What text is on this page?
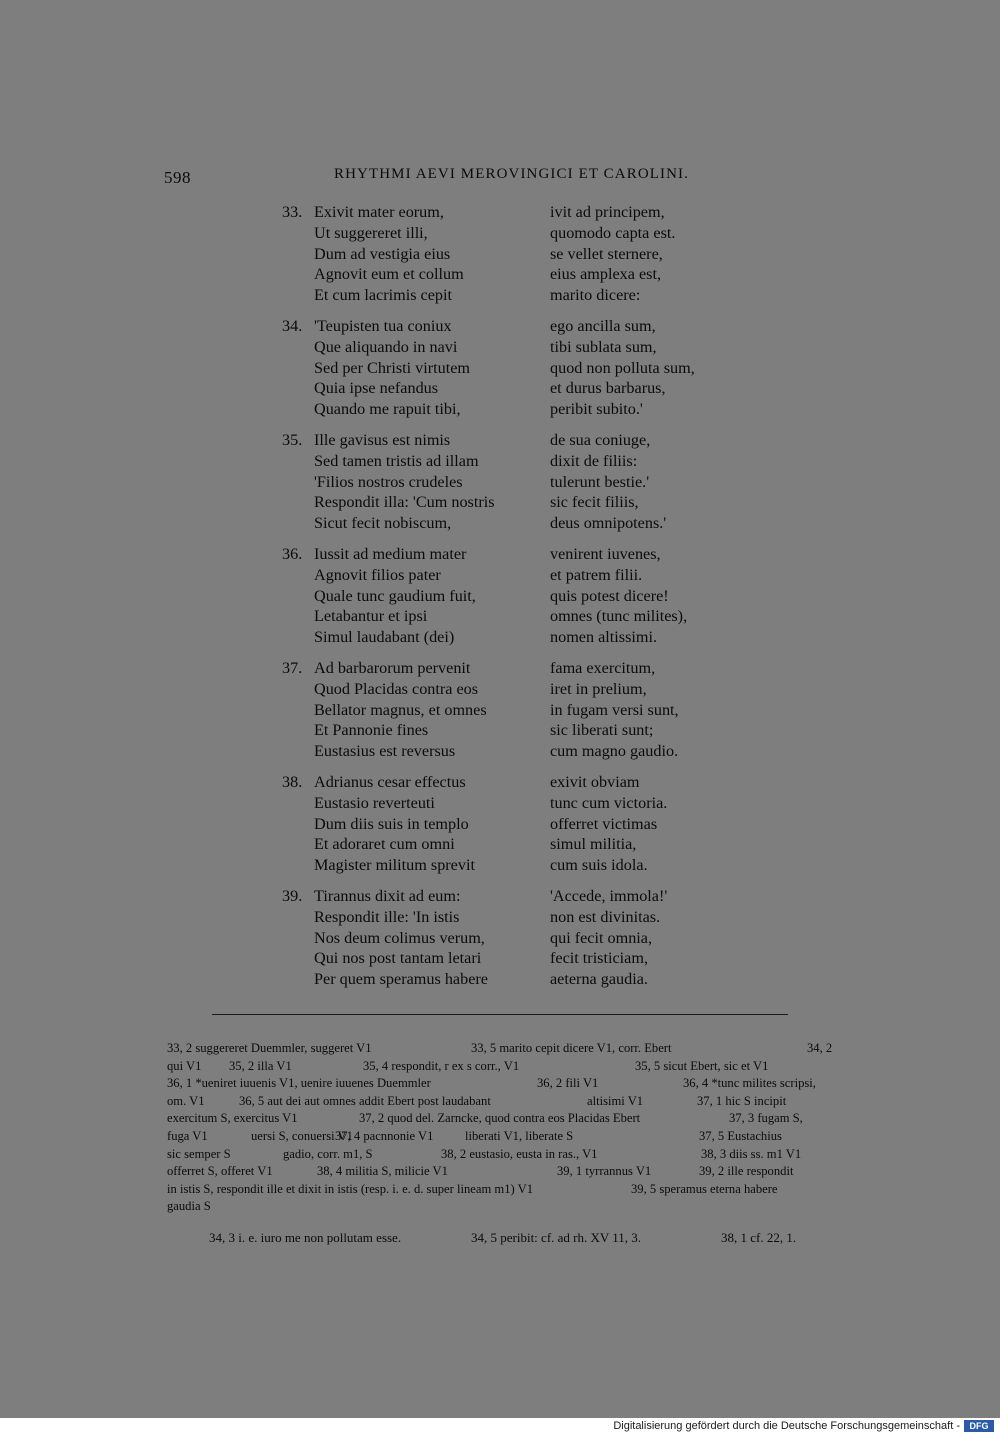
598	RHYTHMI AEVI MEROVINGICI ET CAROLINI.
33. Exivit mater eorum,	ivit ad principem,
Ut suggereret illi,	quomodo capta est.
Dum ad vestigia eius	se vellet sternere,
Agnovit eum et collum	eius amplexa est,
Et cum lacrimis cepit	marito dicere:
34. 'Teupisten tua coniux	ego ancilla sum,
Que aliquando in navi	tibi sublata sum,
Sed per Christi virtutem	quod non polluta sum,
Quia ipse nefandus	et durus barbarus,
Quando me rapuit tibi,	peribit subito.'
35. Ille gavisus est nimis	de sua coniuge,
Sed tamen tristis ad illam	dixit de filiis:
'Filios nostros crudeles	tulerunt bestie.'
Respondit illa: 'Cum nostris	sic fecit filiis,
Sicut fecit nobiscum,	deus omnipotens.'
36. Iussit ad medium mater	venirent iuvenes,
Agnovit filios pater	et patrem filii.
Quale tunc gaudium fuit,	quis potest dicere!
Letabantur et ipsi	omnes (tunc milites),
Simul laudabant (dei)	nomen altissimi.
37. Ad barbarorum pervenit	fama exercitum,
Quod Placidas contra eos	iret in prelium,
Bellator magnus, et omnes	in fugam versi sunt,
Et Pannonie fines	sic liberati sunt;
Eustasius est reversus	cum magno gaudio.
38. Adrianus cesar effectus	exivit obviam
Eustasio reverteuti	tunc cum victoria.
Dum diis suis in templo	offerret victimas
Et adoraret cum omni	simul militia,
Magister militum sprevit	cum suis idola.
39. Tirannus dixit ad eum:	'Accede, immola!'
Respondit ille: 'In istis	non est divinitas.
Nos deum colimus verum,	qui fecit omnia,
Qui nos post tantam letari	fecit tristiciam,
Per quem speramus habere	aeterna gaudia.
33, 2 suggereret Duemmler, suggeret V1	33, 5 marito cepit dicere V1, corr. Ebert	34, 2
qui V1 35, 2 illa V1	35, 4 respondit, r ex s corr., V1	35, 5 sicut Ebert, sic et V1
36, 1 *ueniret iuuenis V1, uenire iuuenes Duemmler	36, 2 fili V1	36, 4 *tunc milites scripsi,
om. V1	36, 5 aut dei aut omnes addit Ebert post laudabant	altisimi V1	37, 1 hic S incipit
exercitum S, exercitus V1	37, 2 quod del. Zarncke, quod contra eos Placidas Ebert	37, 3 fugam S,
fuga V1	uersi S, conuersi V1
37, 4 pacnnonie V1	liberati V1, liberate S	37, 5 Eustachius
sic semper S	gadio, corr. m1, S	38, 2 eustasio, eusta in ras., V1	38, 3 diis ss. m1 V1
offerret S, offeret V1	38, 4 militia S, milicie V1	39, 1 tyrrannus V1	39, 2 ille respondit
in istis S, respondit ille et dixit in istis (resp. i. e. d. super lineam m1) V1	39, 5 speramus eterna habere
gaudia S
34, 3 i. e. iuro me non pollutam esse.	34, 5 peribit: cf. ad rh. XV 11, 3.	38, 1 cf. 22, 1.
Digitalisierung gefördert durch die Deutsche Forschungsgemeinschaft -	DFG
